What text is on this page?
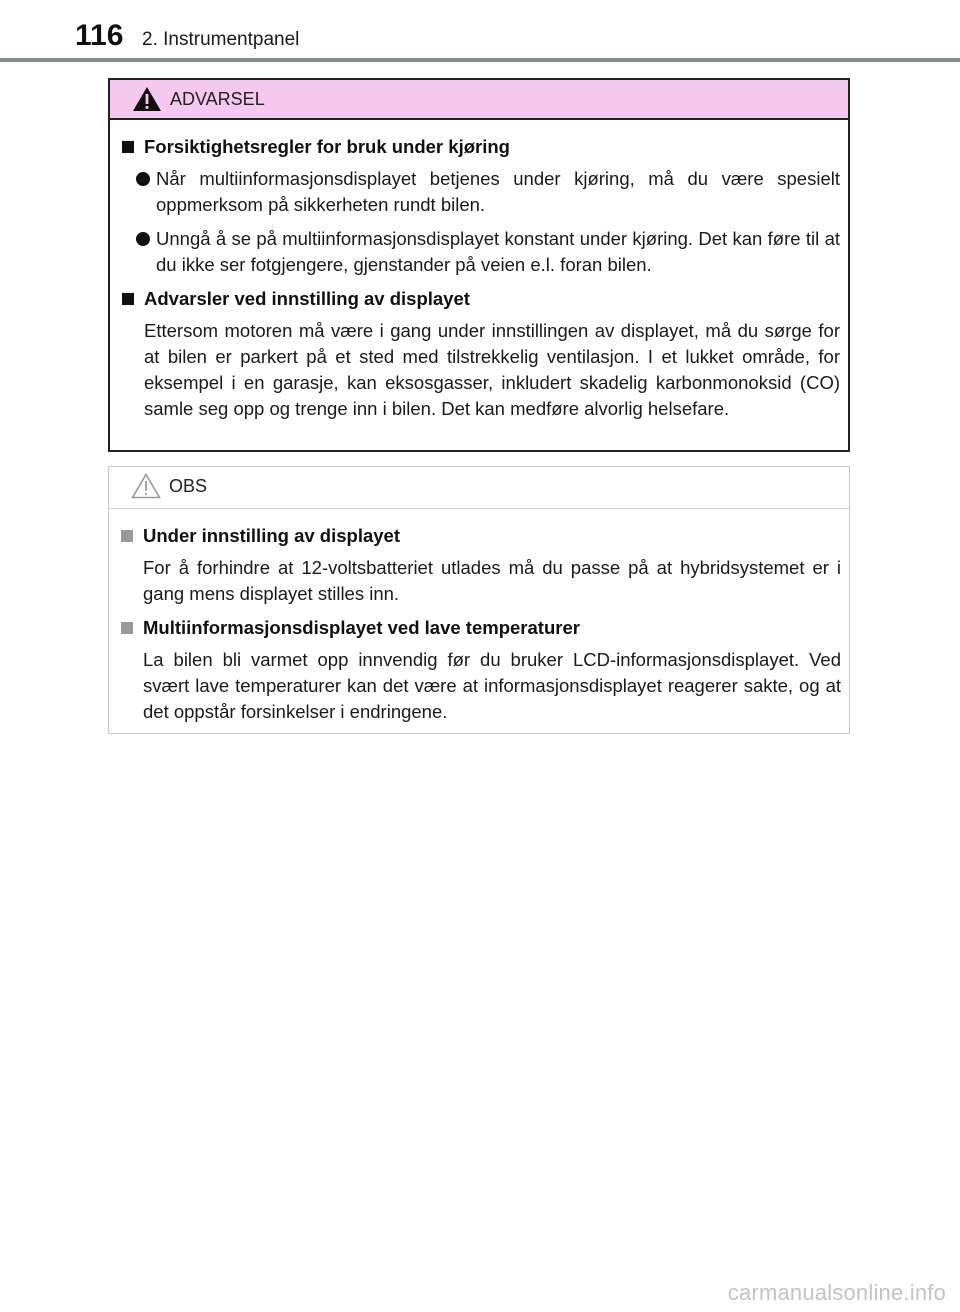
116 2. Instrumentpanel
ADVARSEL
Forsiktighetsregler for bruk under kjøring
Når multiinformasjonsdisplayet betjenes under kjøring, må du være spesielt oppmerksom på sikkerheten rundt bilen.
Unngå å se på multiinformasjonsdisplayet konstant under kjøring. Det kan føre til at du ikke ser fotgjengere, gjenstander på veien e.l. foran bilen.
Advarsler ved innstilling av displayet
Ettersom motoren må være i gang under innstillingen av displayet, må du sørge for at bilen er parkert på et sted med tilstrekkelig ventilasjon. I et lukket område, for eksempel i en garasje, kan eksosgasser, inkludert skadelig karbonmonoksid (CO) samle seg opp og trenge inn i bilen. Det kan medføre alvorlig helsefare.
OBS
Under innstilling av displayet
For å forhindre at 12-voltsbatteriet utlades må du passe på at hybridsystemet er i gang mens displayet stilles inn.
Multiinformasjonsdisplayet ved lave temperaturer
La bilen bli varmet opp innvendig før du bruker LCD-informasjonsdisplayet. Ved svært lave temperaturer kan det være at informasjonsdisplayet reagerer sakte, og at det oppstår forsinkelser i endringene.
carmanualsonline.info
